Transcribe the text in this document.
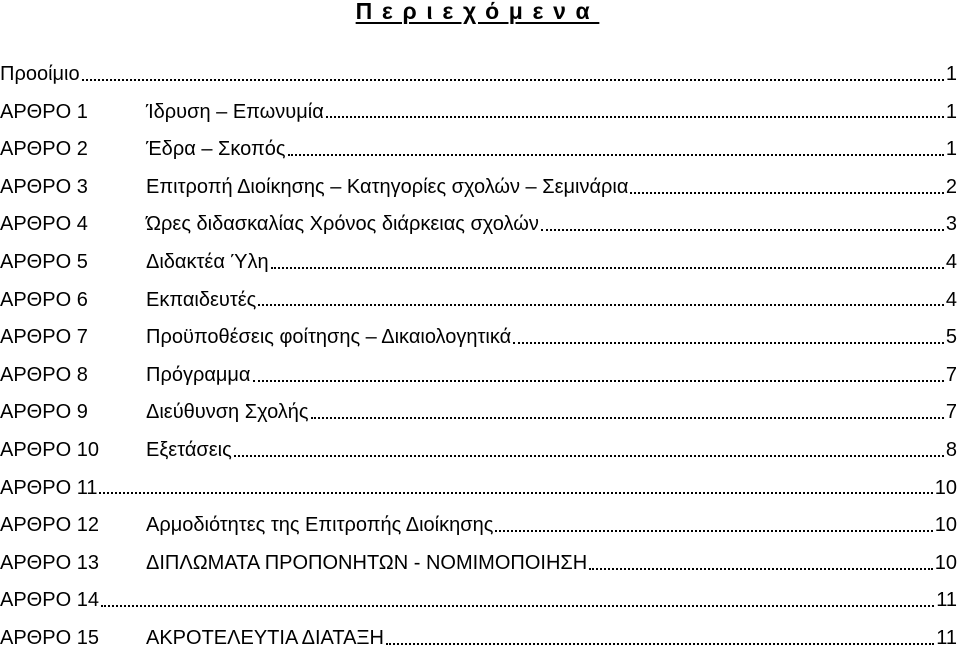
Περιεχόμενα
Προοίμιο	1
ΑΡΘΡΟ 1	Ίδρυση – Επωνυμία	1
ΑΡΘΡΟ 2	Έδρα – Σκοπός	1
ΑΡΘΡΟ 3	Επιτροπή Διοίκησης – Κατηγορίες σχολών – Σεμινάρια	2
ΑΡΘΡΟ 4	Ώρες διδασκαλίας Χρόνος διάρκειας σχολών	3
ΑΡΘΡΟ 5	Διδακτέα Ύλη	4
ΑΡΘΡΟ 6	Εκπαιδευτές	4
ΑΡΘΡΟ 7	Προϋποθέσεις φοίτησης – Δικαιολογητικά	5
ΑΡΘΡΟ 8	Πρόγραμμα	7
ΑΡΘΡΟ 9	Διεύθυνση Σχολής	7
ΑΡΘΡΟ 10	Εξετάσεις	8
ΑΡΘΡΟ 11	10
ΑΡΘΡΟ 12	Αρμοδιότητες της Επιτροπής Διοίκησης	10
ΑΡΘΡΟ 13	ΔΙΠΛΩΜΑΤΑ ΠΡΟΠΟΝΗΤΩΝ - ΝΟΜΙΜΟΠΟΙΗΣΗ	10
ΑΡΘΡΟ 14	11
ΑΡΘΡΟ 15	ΑΚΡΟΤΕΛΕΥΤΙΑ ΔΙΑΤΑΞΗ	11
